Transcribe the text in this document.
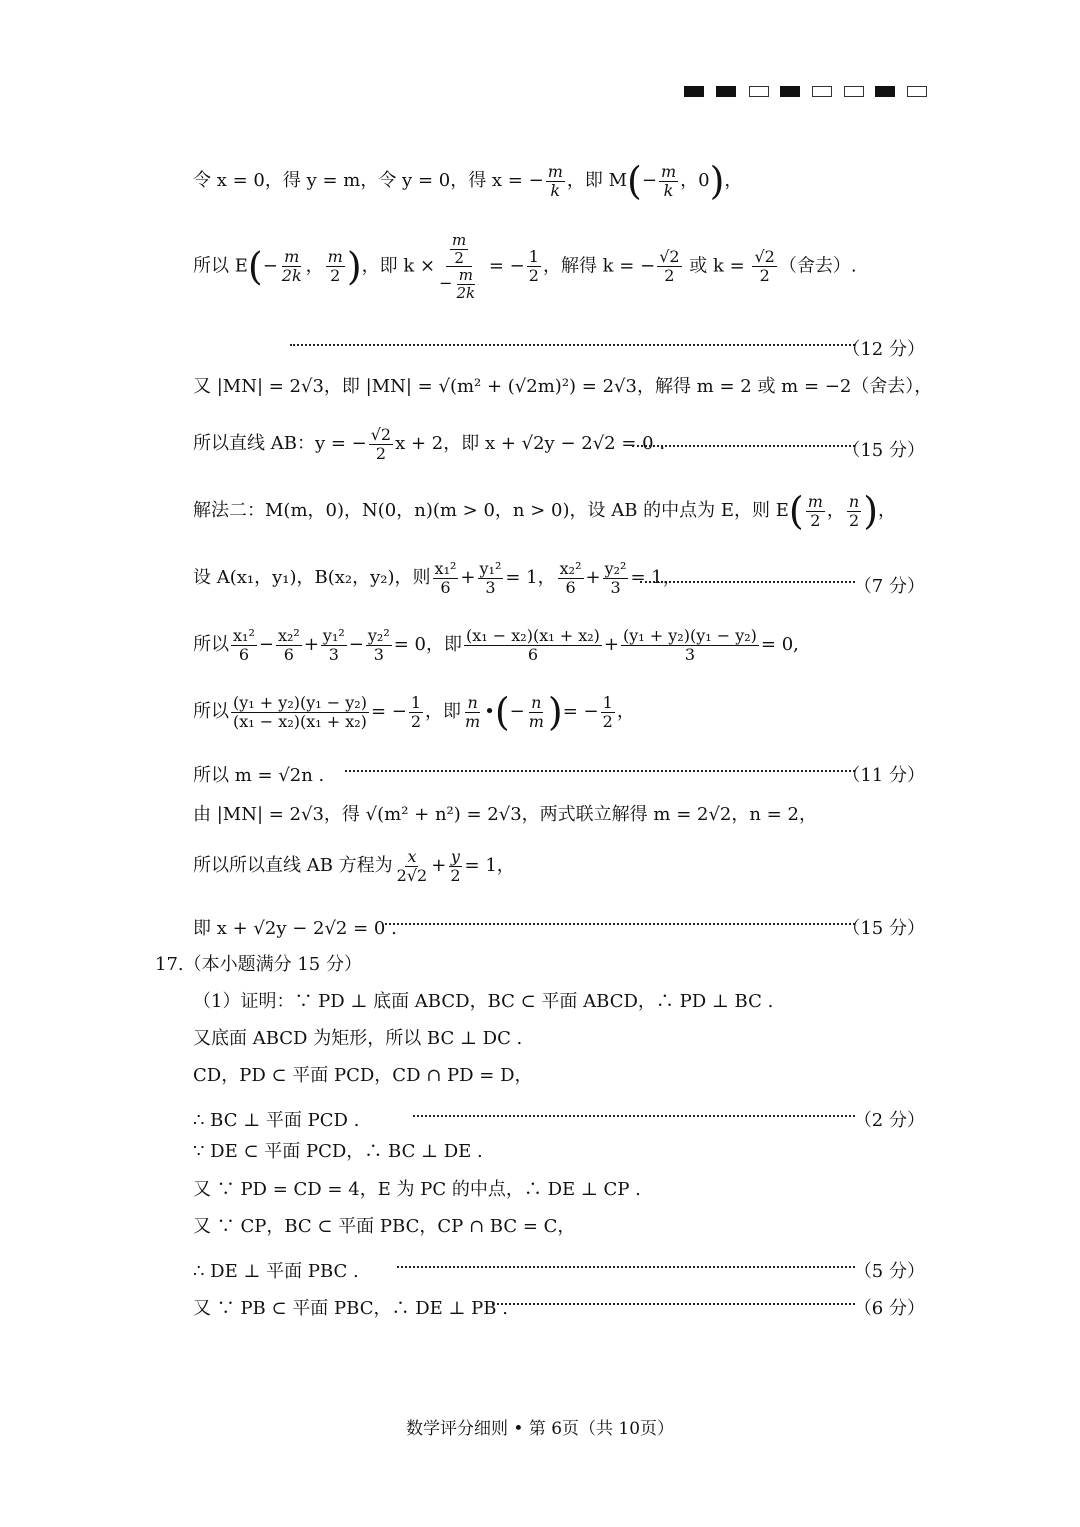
令 x = 0，得 y = m，令 y = 0，得 x = − $\frac{m}{k}$ ，即 $M(- \frac{m}{k}$ ，0)，
所以 $E(- \frac{m}{2k}$ ， $\frac{m}{2}$ )，即 $k \times \frac{\frac{m}{2}}{- \frac{m}{2k}}$ = − $\frac{1}{2}$ ，解得 k = − $\frac{√2}{2}$ 或 $k = \frac{√2}{2}$ （舍去）.
（12 分）
又 |MN| = 2√3，即 |MN| = √(m² + (√2m)²) = 2√3，解得 m = 2 或 m = −2（舍去），
所以直线 AB：y = − $\frac{√2}{2}$ x + 2，即 x + √2y − 2√2 = 0 .	（15 分）
解法二：M(m，0)，N(0，n)(m > 0，n > 0)，设 AB 的中点为 E，则 $E( \frac{m}{2}$ ， $\frac{n}{2}$ )，
设 A(x₁，y₁)，B(x₂，y₂)，则 $\frac{\text{x₁²}}{6} + \frac{\text{y₁²}}{3} = 1$， $\frac{\text{x₂²}}{6} + \frac{\text{y₂²}}{3} = 1$，	（7 分）
所以 $\frac{\text{x₁²}}{6} - \frac{\text{x₂²}}{6} + \frac{\text{y₁²}}{3} - \frac{\text{y₂²}}{3} = 0$，即 $\frac{\text{(x₁ − x₂)(x₁ + x₂)}}{6} + \frac{\text{(y₁ + y₂)(y₁ − y₂)}}{3} = 0$,
所以 $\frac{\text{(y₁ + y₂)(y₁ − y₂)}}{\text{(x₁ − x₂)(x₁ + x₂)}}$ = − $\frac{1}{2}$ ，即 $\frac{n}{m}$ •(− $\frac{n}{m}$ )= − $\frac{1}{2}$ ，
所以 m = √2n .	（11 分）
由 |MN| = 2√3，得 √(m² + n²) = 2√3，两式联立解得 m = 2√2，n = 2，
所以所以直线 AB 方程为 $\frac{x}{2√2} + \frac{y}{2} = 1$，
即 x + √2y − 2√2 = 0 .	（15 分）
17.（本小题满分 15 分）
（1）证明：∵ PD ⊥ 底面 ABCD，BC ⊂ 平面 ABCD，∴ PD ⊥ BC .
又底面 ABCD 为矩形，所以 BC ⊥ DC .
CD，PD ⊂ 平面 PCD，CD ∩ PD = D，
∴ BC ⊥ 平面 PCD .	（2 分）
∵ DE ⊂ 平面 PCD，∴ BC ⊥ DE .
又 ∵ PD = CD = 4，E 为 PC 的中点，∴ DE ⊥ CP .
又 ∵ CP，BC ⊂ 平面 PBC，CP ∩ BC = C，
∴ DE ⊥ 平面 PBC .	（5 分）
又 ∵ PB ⊂ 平面 PBC，∴ DE ⊥ PB .	（6 分）
数学评分细则 • 第 6页（共 10页）
